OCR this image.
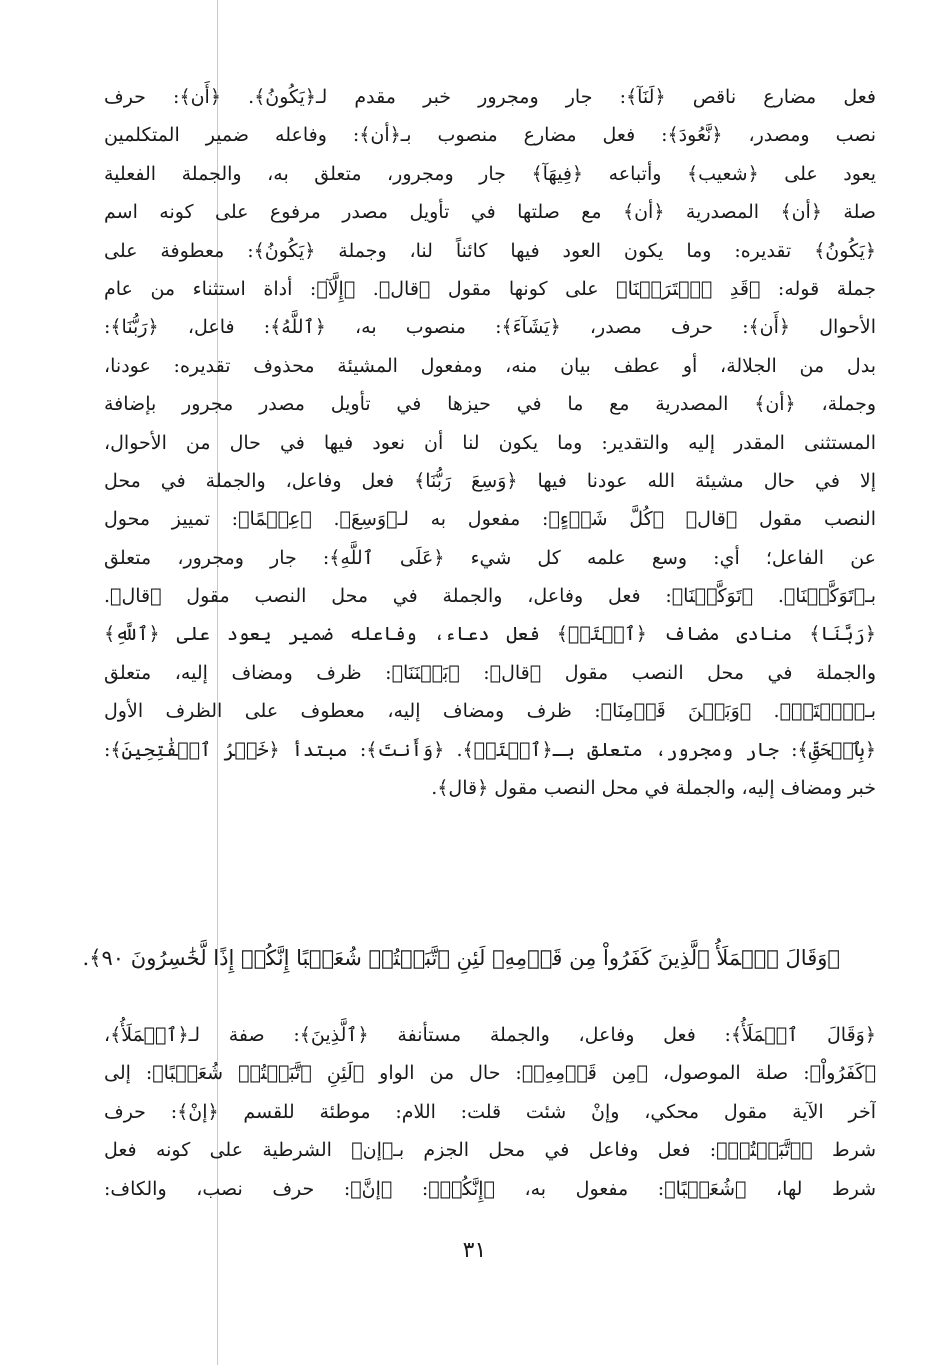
فعل مضارع ناقص ﴿لَنَآ﴾: جار ومجرور خبر مقدم لـ﴿يَكُونُ﴾. ﴿أَن﴾: حرف
نصب ومصدر، ﴿نَّعُودَ﴾: فعل مضارع منصوب بـ﴿أن﴾: وفاعله ضمير المتكلمين
يعود على ﴿شعيب﴾ وأتباعه ﴿فِيهَآ﴾ جار ومجرور، متعلق به، والجملة الفعلية
صلة ﴿أن﴾ المصدرية ﴿أن﴾ مع صلتها في تأويل مصدر مرفوع على كونه اسم
﴿يَكُونُ﴾ تقديره: وما يكون العود فيها كائناً لنا، وجملة ﴿يَكُونُ﴾: معطوفة على
جملة قوله: ﴿قَدِ ٱفۡتَرَيۡنَا﴾ على كونها مقول ﴿قال﴾. ﴿إِلَّآ﴾: أداة استثناء من عام
الأحوال ﴿أَن﴾: حرف مصدر، ﴿يَشَآءَ﴾: منصوب به، ﴿ٱللَّهُ﴾: فاعل، ﴿رَبُّنَا﴾:
بدل من الجلالة، أو عطف بيان منه، ومفعول المشيئة محذوف تقديره: عودنا،
وجملة، ﴿أن﴾ المصدرية مع ما في حيزها في تأويل مصدر مجرور بإضافة
المستثنى المقدر إليه والتقدير: وما يكون لنا أن نعود فيها في حال من الأحوال،
إلا في حال مشيئة الله عودنا فيها ﴿وَسِعَ رَبُّنَا﴾ فعل وفاعل، والجملة في محل
النصب مقول ﴿قال﴾ ﴿كُلَّ شَيۡءٍ﴾: مفعول به لـ﴿وَسِعَ﴾. ﴿عِلۡمًا﴾: تمييز محول
عن الفاعل؛ أي: وسع علمه كل شيء ﴿عَلَى ٱللَّهِ﴾: جار ومجرور، متعلق
بـ﴿تَوَكَّلۡنَا﴾. ﴿تَوَكَّلۡنَا﴾: فعل وفاعل، والجملة في محل النصب مقول ﴿قال﴾.
﴿رَبَّنَا﴾ منادى مضاف ﴿ٱفۡتَحۡ﴾ فعل دعاء، وفاعله ضمير يعود على ﴿ٱللَّهِ﴾
والجملة في محل النصب مقول ﴿قال﴾: ﴿بَيۡنَنَا﴾: ظرف ومضاف إليه، متعلق
بـ﴿ٱفۡتَحۡ﴾. ﴿وَبَيۡنَ قَوۡمِنَا﴾: ظرف ومضاف إليه، معطوف على الظرف الأول
﴿بِٱلۡحَقِّ﴾: جار ومجرور، متعلق بـ﴿ٱفۡتَحۡ﴾. ﴿وَأَنتَ﴾: مبتدأ ﴿خَيۡرُ ٱلۡفَٰتِحِينَ﴾:
خبر ومضاف إليه، والجملة في محل النصب مقول ﴿قال﴾.
﴿وَقَالَ ٱلۡمَلَأُ ٱلَّذِينَ كَفَرُواْ مِن قَوۡمِهِۦ لَئِنِ ٱتَّبَعۡتُمۡ شُعَيۡبًا إِنَّكُمۡ إِذًا لَّخَٰسِرُونَ ٩٠﴾.
﴿وَقَالَ ٱلۡمَلَأُ﴾: فعل وفاعل، والجملة مستأنفة ﴿ٱلَّذِينَ﴾: صفة لـ﴿ٱلۡمَلَأُ﴾،
﴿كَفَرُواْ﴾: صلة الموصول، ﴿مِن قَوۡمِهِۦ﴾: حال من الواو ﴿لَئِنِ ٱتَّبَعۡتُمۡ شُعَيۡبًا﴾: إلى
آخر الآية مقول محكي، وإنْ شئت قلت: اللام: موطئة للقسم ﴿إنْ﴾: حرف
شرط ﴿ٱتَّبَعۡتُمۡ﴾: فعل وفاعل في محل الجزم بـ﴿إن﴾ الشرطية على كونه فعل
شرط لها، ﴿شُعَيۡبًا﴾: مفعول به، ﴿إِنَّكُمۡ﴾: ﴿إنَّ﴾: حرف نصب، والكاف:
٣١
